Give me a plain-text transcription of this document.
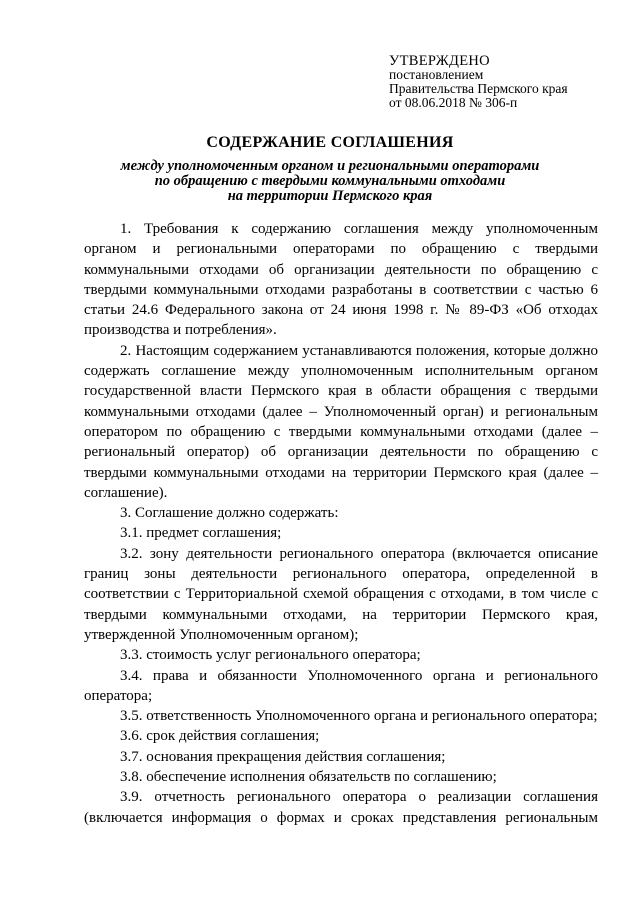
УТВЕРЖДЕНО
постановлением
Правительства Пермского края
от 08.06.2018 № 306-п
СОДЕРЖАНИЕ СОГЛАШЕНИЯ
между уполномоченным органом и региональными операторами
по обращению с твердыми коммунальными отходами
на территории Пермского края

1. Требования к содержанию соглашения между уполномоченным органом и региональными операторами по обращению с твердыми коммунальными отходами об организации деятельности по обращению с твердыми коммунальными отходами разработаны в соответствии с частью 6 статьи 24.6 Федерального закона от 24 июня 1998 г. № 89-ФЗ «Об отходах производства и потребления».

2. Настоящим содержанием устанавливаются положения, которые должно содержать соглашение между уполномоченным исполнительным органом государственной власти Пермского края в области обращения с твердыми коммунальными отходами (далее – Уполномоченный орган) и региональным оператором по обращению с твердыми коммунальными отходами (далее – региональный оператор) об организации деятельности по обращению с твердыми коммунальными отходами на территории Пермского края (далее – соглашение).

3. Соглашение должно содержать:

3.1. предмет соглашения;

3.2. зону деятельности регионального оператора (включается описание границ зоны деятельности регионального оператора, определенной в соответствии с Территориальной схемой обращения с отходами, в том числе с твердыми коммунальными отходами, на территории Пермского края, утвержденной Уполномоченным органом);

3.3. стоимость услуг регионального оператора;

3.4. права и обязанности Уполномоченного органа и регионального оператора;

3.5. ответственность Уполномоченного органа и регионального оператора;

3.6. срок действия соглашения;

3.7. основания прекращения действия соглашения;

3.8. обеспечение исполнения обязательств по соглашению;

3.9. отчетность регионального оператора о реализации соглашения (включается информация о формах и сроках представления региональным
